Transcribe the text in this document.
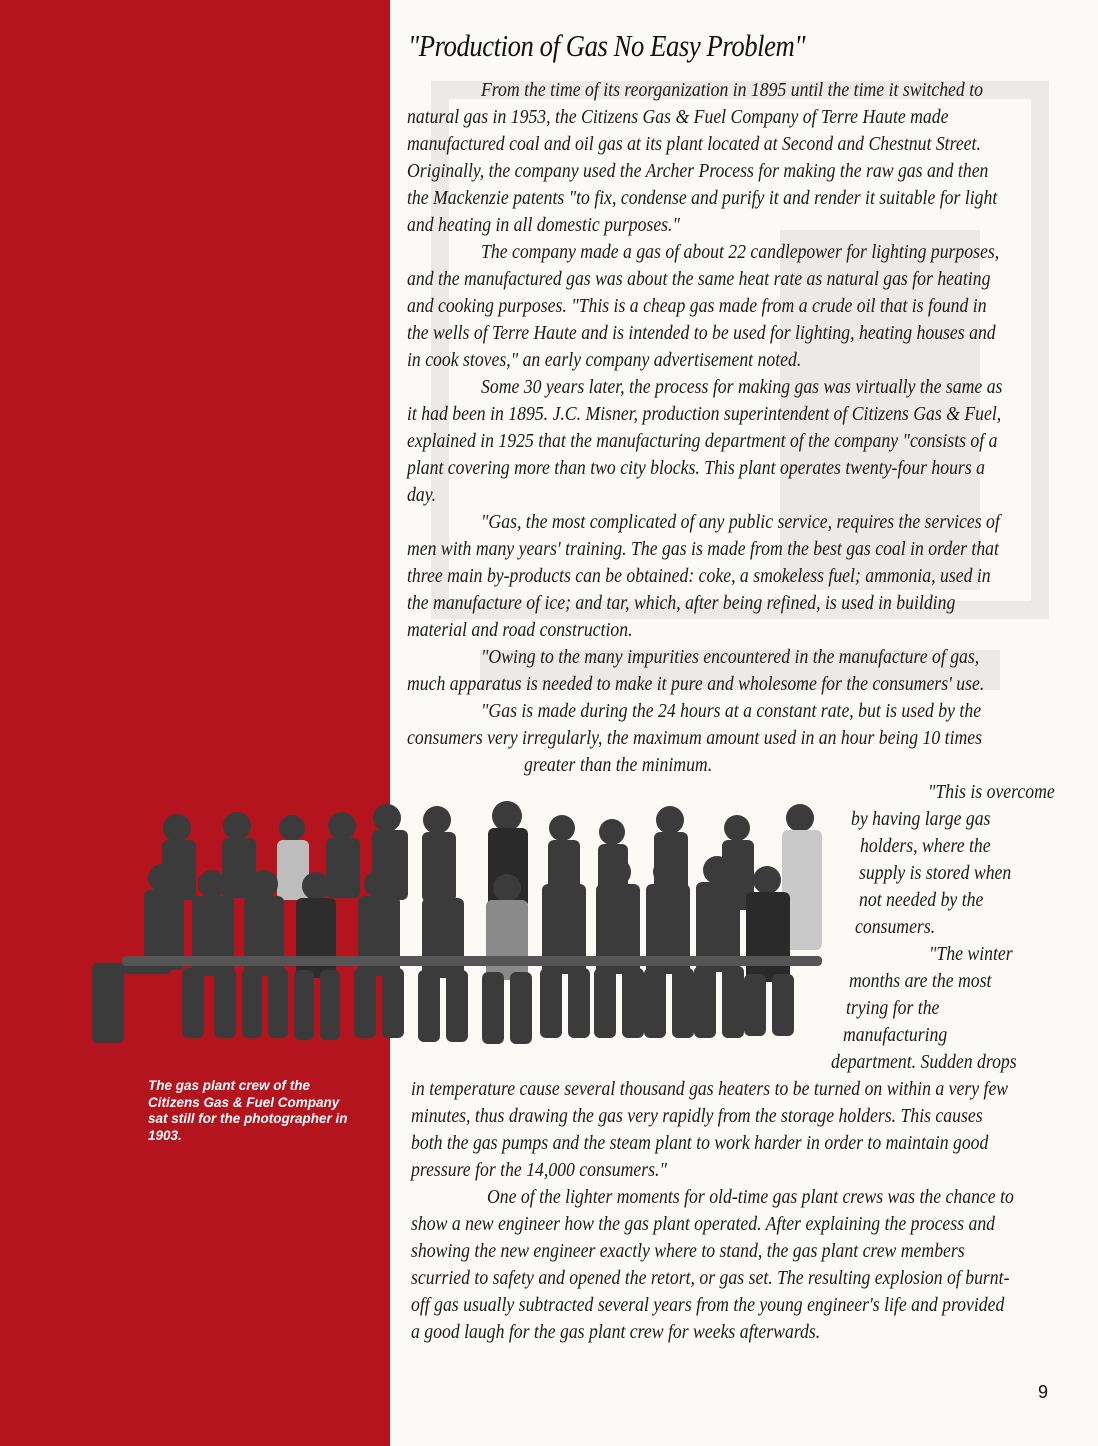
"Production of Gas No Easy Problem"
From the time of its reorganization in 1895 until the time it switched to
natural gas in 1953, the Citizens Gas & Fuel Company of Terre Haute made
manufactured coal and oil gas at its plant located at Second and Chestnut Street.
Originally, the company used the Archer Process for making the raw gas and then
the Mackenzie patents "to fix, condense and purify it and render it suitable for light
and heating in all domestic purposes."
The company made a gas of about 22 candlepower for lighting purposes,
and the manufactured gas was about the same heat rate as natural gas for heating
and cooking purposes. "This is a cheap gas made from a crude oil that is found in
the wells of Terre Haute and is intended to be used for lighting, heating houses and
in cook stoves," an early company advertisement noted.
Some 30 years later, the process for making gas was virtually the same as
it had been in 1895. J.C. Misner, production superintendent of Citizens Gas & Fuel,
explained in 1925 that the manufacturing department of the company "consists of a
plant covering more than two city blocks. This plant operates twenty-four hours a
day.
"Gas, the most complicated of any public service, requires the services of
men with many years' training. The gas is made from the best gas coal in order that
three main by-products can be obtained: coke, a smokeless fuel; ammonia, used in
the manufacture of ice; and tar, which, after being refined, is used in building
material and road construction.
"Owing to the many impurities encountered in the manufacture of gas,
much apparatus is needed to make it pure and wholesome for the consumers' use.
"Gas is made during the 24 hours at a constant rate, but is used by the
consumers very irregularly, the maximum amount used in an hour being 10 times
greater than the minimum.
"This is overcome
by having large gas
holders, where the
supply is stored when
not needed by the
consumers.
"The winter
months are the most
trying for the
manufacturing
department. Sudden drops
in temperature cause several thousand gas heaters to be turned on within a very few
minutes, thus drawing the gas very rapidly from the storage holders. This causes
both the gas pumps and the steam plant to work harder in order to maintain good
pressure for the 14,000 consumers."
One of the lighter moments for old-time gas plant crews was the chance to
show a new engineer how the gas plant operated. After explaining the process and
showing the new engineer exactly where to stand, the gas plant crew members
scurried to safety and opened the retort, or gas set. The resulting explosion of burnt-
off gas usually subtracted several years from the young engineer's life and provided
a good laugh for the gas plant crew for weeks afterwards.
The gas plant crew of the Citizens Gas & Fuel Company sat still for the photographer in 1903.
9
